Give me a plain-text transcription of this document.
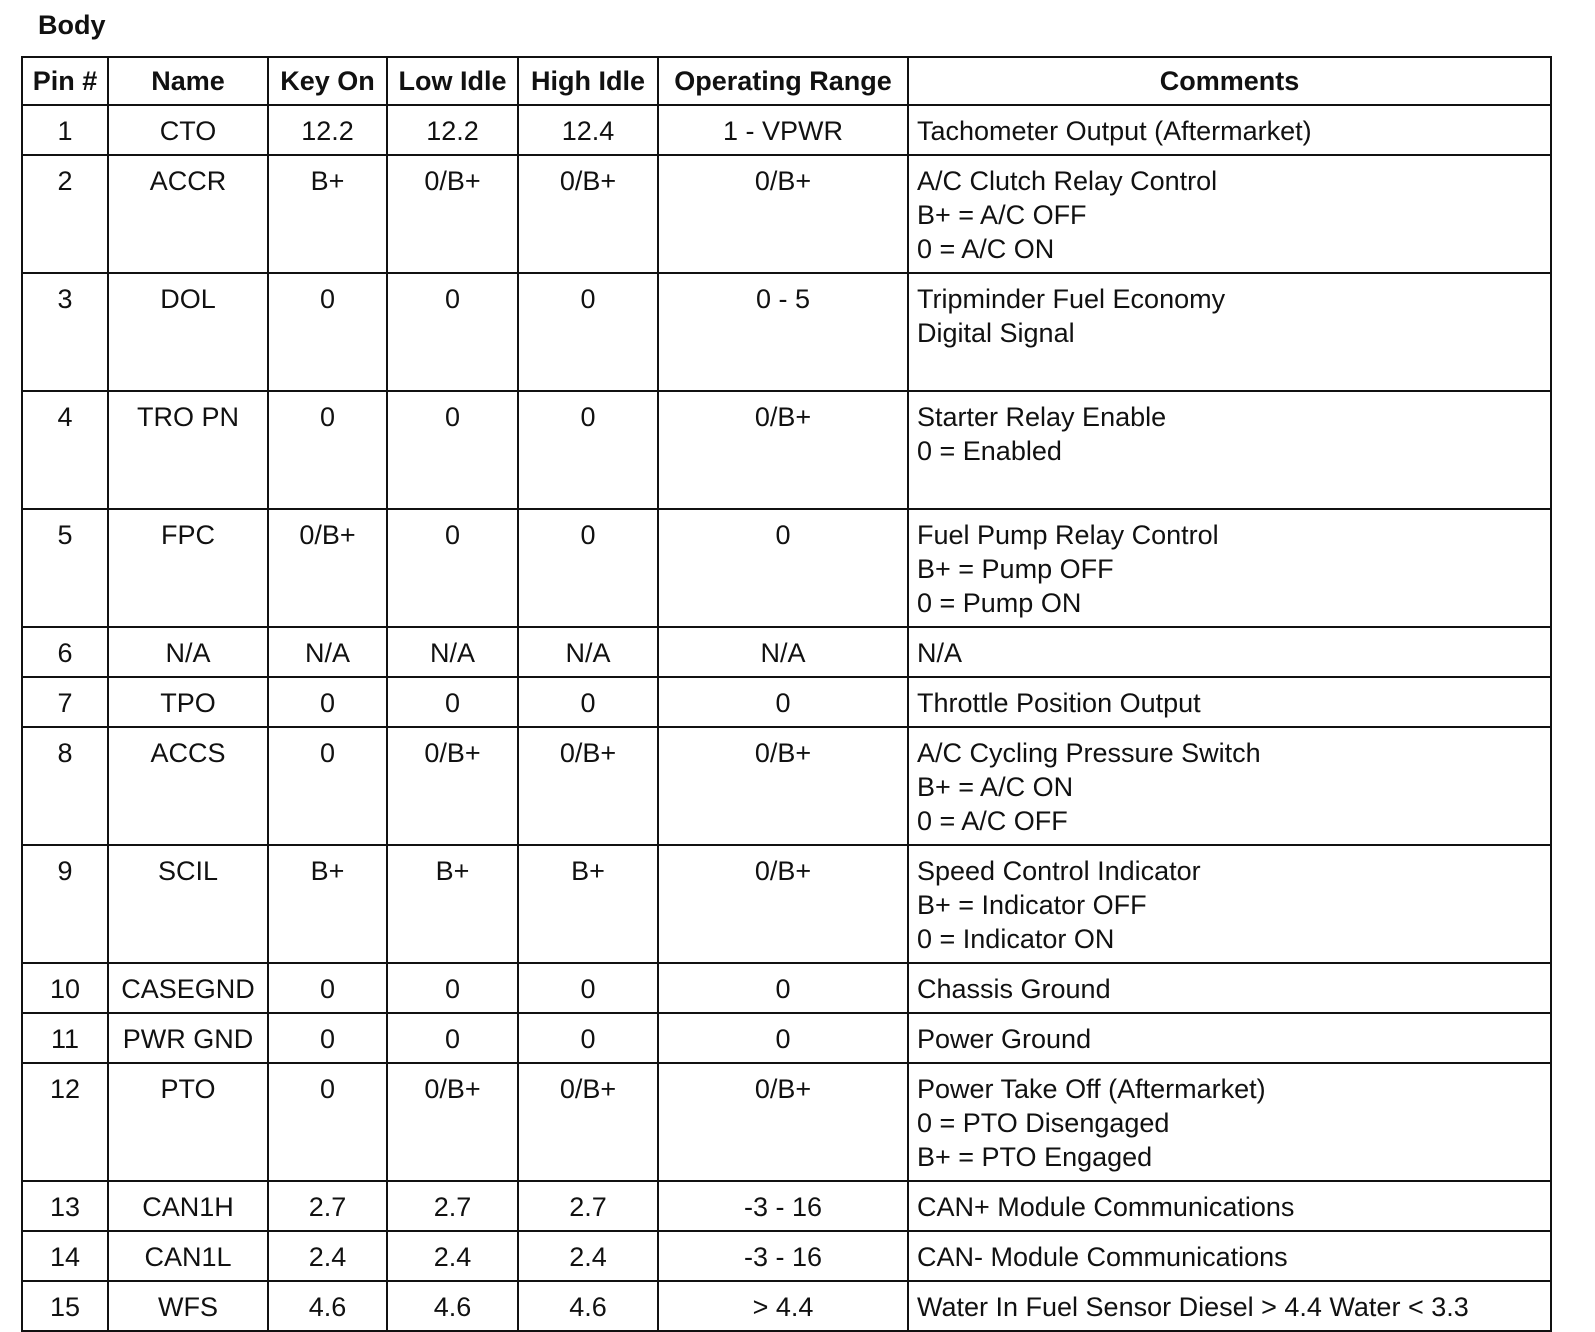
Body
Pin #	Name	Key On	Low Idle	High Idle	Operating Range	Comments
1	CTO	12.2	12.2	12.4	1 - VPWR	Tachometer Output (Aftermarket)

2	ACCR	B+	0/B+	0/B+	0/B+	A/C Clutch Relay Control
B+ = A/C OFF
0 = A/C ON

3	DOL	0	0	0	0 - 5	Tripminder Fuel Economy
Digital Signal

4	TRO PN	0	0	0	0/B+	Starter Relay Enable
0 = Enabled

5	FPC	0/B+	0	0	0	Fuel Pump Relay Control
B+ = Pump OFF
0 = Pump ON

6	N/A	N/A	N/A	N/A	N/A	N/A

7	TPO	0	0	0	0	Throttle Position Output

8	ACCS	0	0/B+	0/B+	0/B+	A/C Cycling Pressure Switch
B+ = A/C ON
0 = A/C OFF

9	SCIL	B+	B+	B+	0/B+	Speed Control Indicator
B+ = Indicator OFF
0 = Indicator ON

10	CASEGND	0	0	0	0	Chassis Ground

11	PWR GND	0	0	0	0	Power Ground

12	PTO	0	0/B+	0/B+	0/B+	Power Take Off (Aftermarket)
0 = PTO Disengaged
B+ = PTO Engaged

13	CAN1H	2.7	2.7	2.7	-3 - 16	CAN+ Module Communications

14	CAN1L	2.4	2.4	2.4	-3 - 16	CAN- Module Communications

15	WFS	4.6	4.6	4.6	> 4.4	Water In Fuel Sensor Diesel > 4.4 Water < 3.3
